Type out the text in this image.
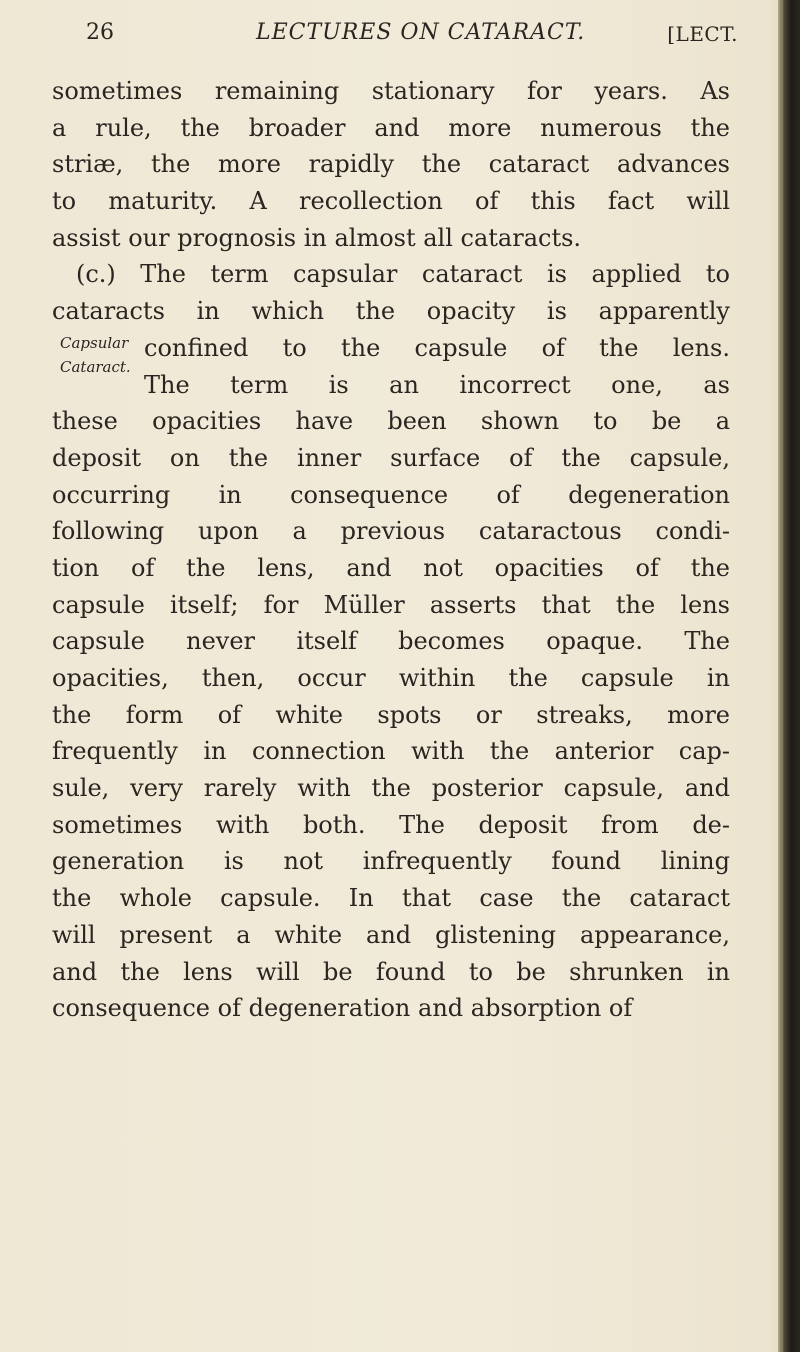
26	LECTURES ON CATARACT.	[LECT.
Capsular
Cataract.
sometimes remaining stationary for years. As
a rule, the broader and more numerous the
striæ, the more rapidly the cataract advances
to maturity. A recollection of this fact will
assist our prognosis in almost all cataracts.
(c.) The term capsular cataract is applied to
cataracts in which the opacity is apparently
confined to the capsule of the lens.
The term is an incorrect one, as
these opacities have been shown to be a
deposit on the inner surface of the capsule,
occurring in consequence of degeneration
following upon a previous cataractous condi-
tion of the lens, and not opacities of the
capsule itself; for Müller asserts that the lens
capsule never itself becomes opaque. The
opacities, then, occur within the capsule in
the form of white spots or streaks, more
frequently in connection with the anterior cap-
sule, very rarely with the posterior capsule, and
sometimes with both. The deposit from de-
generation is not infrequently found lining
the whole capsule. In that case the cataract
will present a white and glistening appearance,
and the lens will be found to be shrunken in
consequence of degeneration and absorption of
